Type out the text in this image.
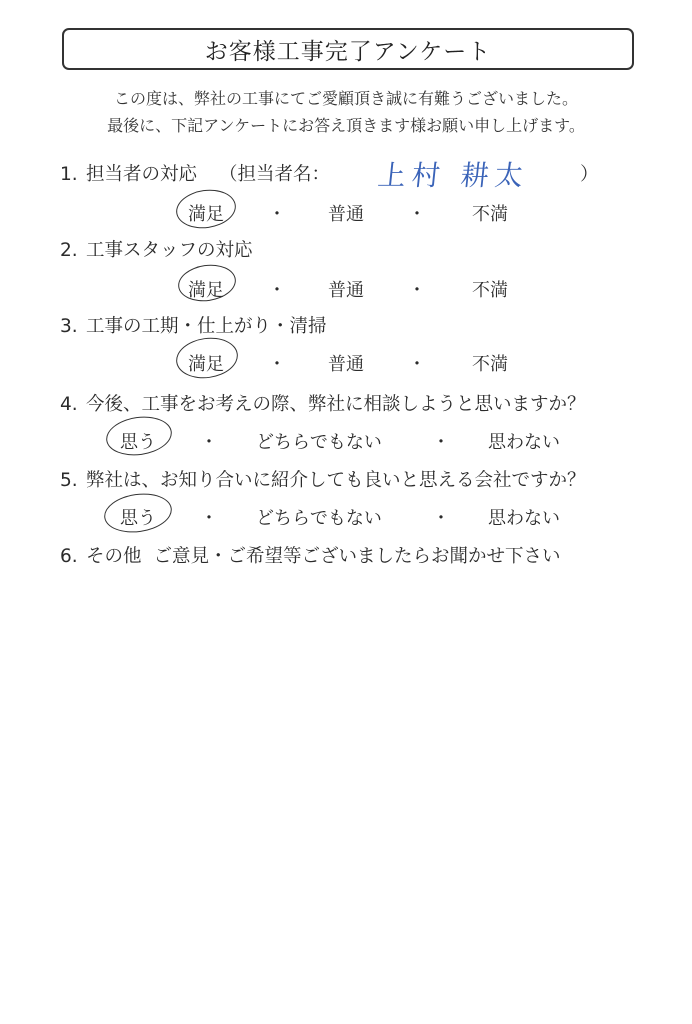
お客様工事完了アンケート
この度は、弊社の工事にてご愛顧頂き誠に有難うございました。
最後に、下記アンケートにお答え頂きます様お願い申し上げます。
1. 担当者の対応 （担当者名： 上村 耕太	）
満足 ・ 普通 ・	不満
2. 工事スタッフの対応
満足 ・ 普通 ・	不満
3. 工事の工期・仕上がり・清掃
満足 ・ 普通 ・	不満
4. 今後、工事をお考えの際、弊社に相談しようと思いますか？
思う ・ どちらでもない	・ 思わない
5. 弊社は、お知り合いに紹介しても良いと思える会社ですか？
思う ・ どちらでもない	・ 思わない
6. その他 ご意見・ご希望等ございましたらお聞かせ下さい
